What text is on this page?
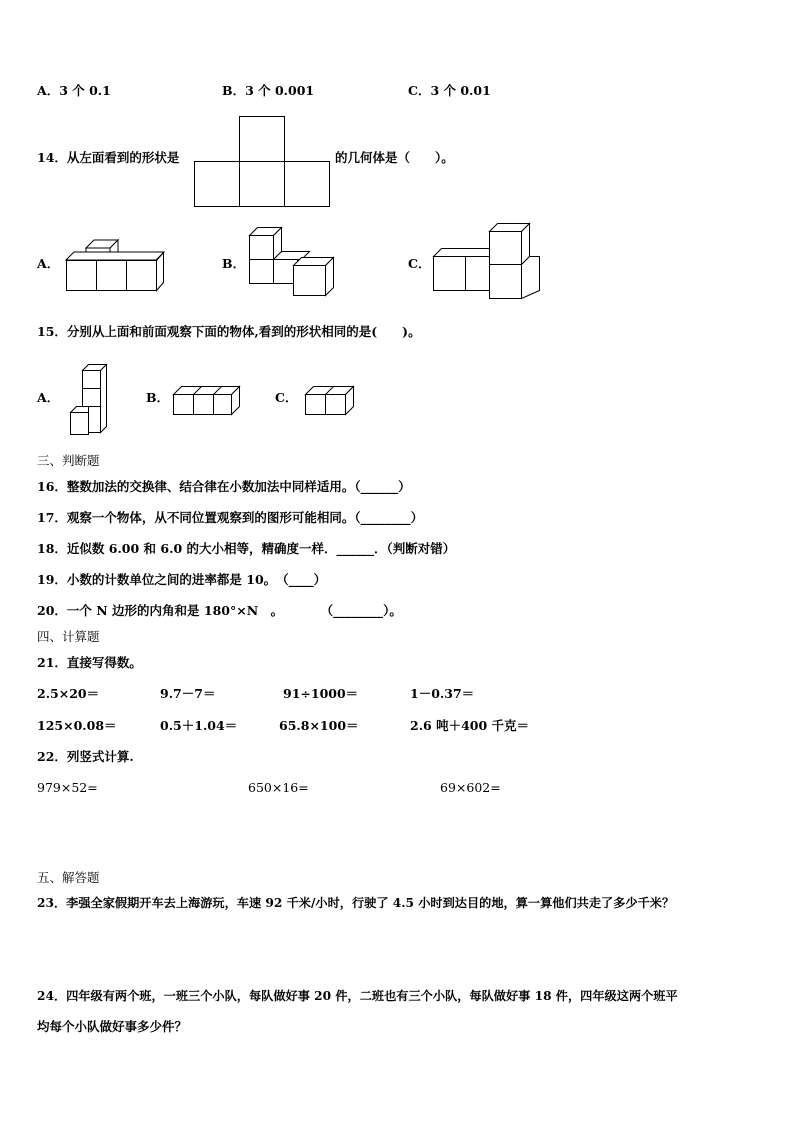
A．3 个 0.1	B．3 个 0.001	C．3 个 0.01
14．从左面看到的形状是	的几何体是（　　）。
A．	B．	C．
15．分别从上面和前面观察下面的物体,看到的形状相同的是(　　)。
A．	B．	C．
三、判断题
16．整数加法的交换律、结合律在小数加法中同样适用。（______）
17．观察一个物体，从不同位置观察到的图形可能相同。（________）
18．近似数 6.00 和 6.0 的大小相等，精确度一样．______．（判断对错）
19．小数的计数单位之间的进率都是 10。　（____）
20．一个 N 边形的内角和是 180°×N　。　　　　（________）。
四、计算题
21．直接写得数。
2.5×20＝	9.7－7＝	91÷1000＝	1－0.37＝
125×0.08＝	0.5＋1.04＝	65.8×100＝	2.6 吨＋400 千克＝
22．列竖式计算.
979×52=	650×16=	69×602=
五、解答题
23．李强全家假期开车去上海游玩，车速 92 千米/小时，行驶了 4.5 小时到达目的地，算一算他们共走了多少千米？
24．四年级有两个班，一班三个小队，每队做好事 20 件，二班也有三个小队，每队做好事 18 件，四年级这两个班平
均每个小队做好事多少件？
